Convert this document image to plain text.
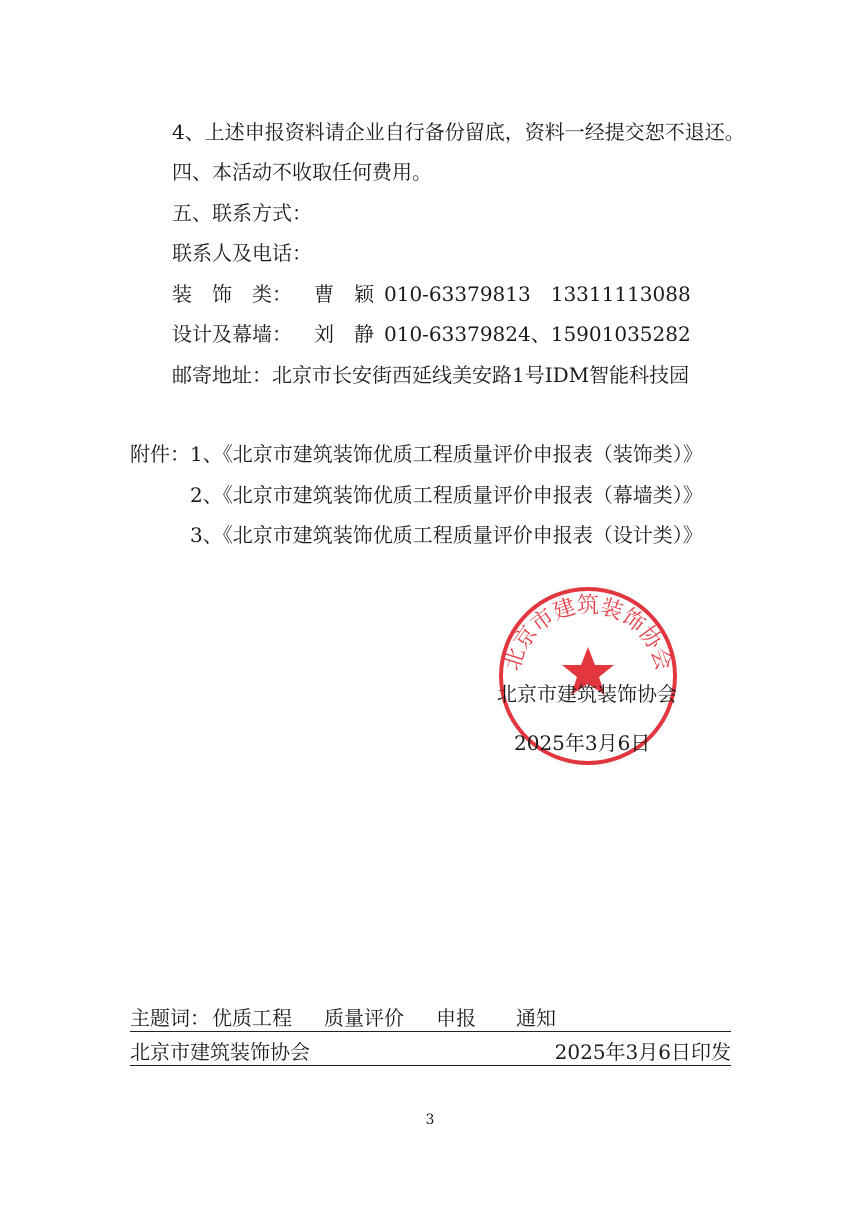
4、上述申报资料请企业自行备份留底，资料一经提交恕不退还。
四、本活动不收取任何费用。
五、联系方式：
联系人及电话：
装　饰　类： 曹　颖 010-63379813　13311113088
设计及幕墙： 刘　静 010-63379824、15901035282
邮寄地址：北京市长安街西延线美安路1号IDM智能科技园
附件： 1、《北京市建筑装饰优质工程质量评价申报表（装饰类）》
2、《北京市建筑装饰优质工程质量评价申报表（幕墙类）》
3、《北京市建筑装饰优质工程质量评价申报表（设计类）》
北京市建筑装饰协会
北京市建筑装饰协会
2025年3月6日
主题词： 优质工程 质量评价 申报 通知
北京市建筑装饰协会	2025年3月6日印发
3
